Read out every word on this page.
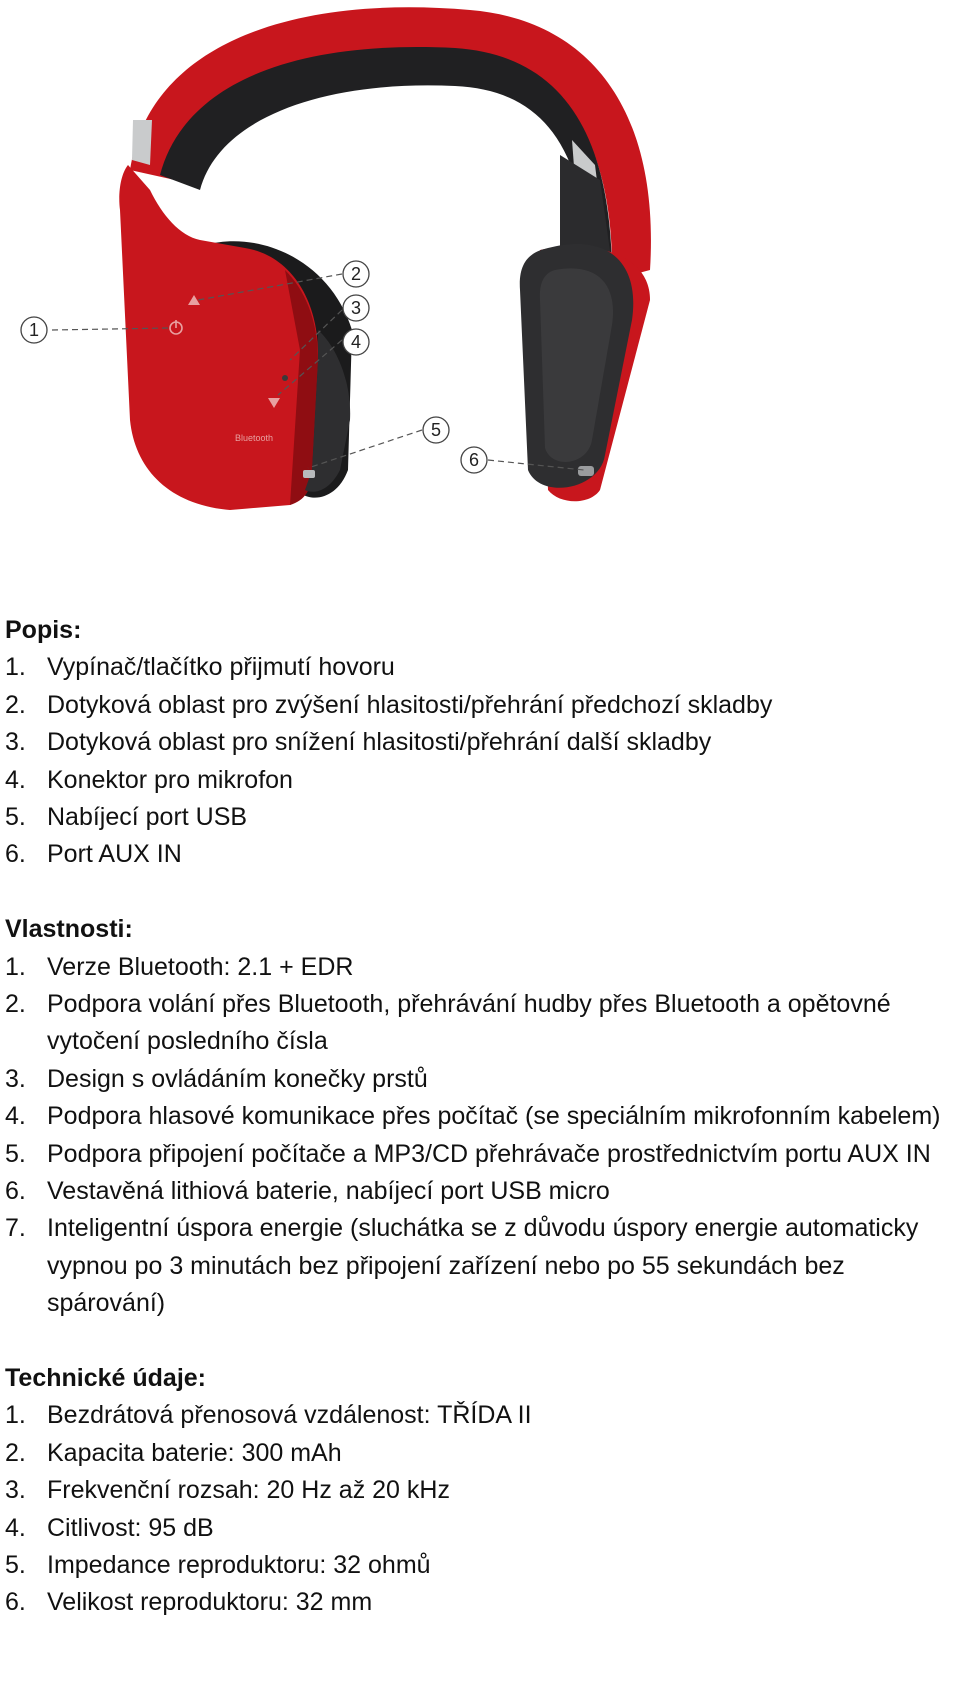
Bluetooth
1
2
3
4
5
6

Popis:

1. Vypínač/tlačítko přijmutí hovoru
2. Dotyková oblast pro zvýšení hlasitosti/přehrání předchozí skladby
3. Dotyková oblast pro snížení hlasitosti/přehrání další skladby
4. Konektor pro mikrofon
5. Nabíjecí port USB
6. Port AUX IN

Vlastnosti:

1. Verze Bluetooth: 2.1 + EDR
2. Podpora volání přes Bluetooth, přehrávání hudby přes Bluetooth a opětovné vytočení posledního čísla
3. Design s ovládáním konečky prstů
4. Podpora hlasové komunikace přes počítač (se speciálním mikrofonním kabelem)
5. Podpora připojení počítače a MP3/CD přehrávače prostřednictvím portu AUX IN
6. Vestavěná lithiová baterie, nabíjecí port USB micro
7. Inteligentní úspora energie (sluchátka se z důvodu úspory energie automaticky vypnou po 3 minutách bez připojení zařízení nebo po 55 sekundách bez spárování)

Technické údaje:

1. Bezdrátová přenosová vzdálenost: TŘÍDA II
2. Kapacita baterie: 300 mAh
3. Frekvenční rozsah: 20 Hz až 20 kHz
4. Citlivost: 95 dB
5. Impedance reproduktoru: 32 ohmů
6. Velikost reproduktoru: 32 mm
